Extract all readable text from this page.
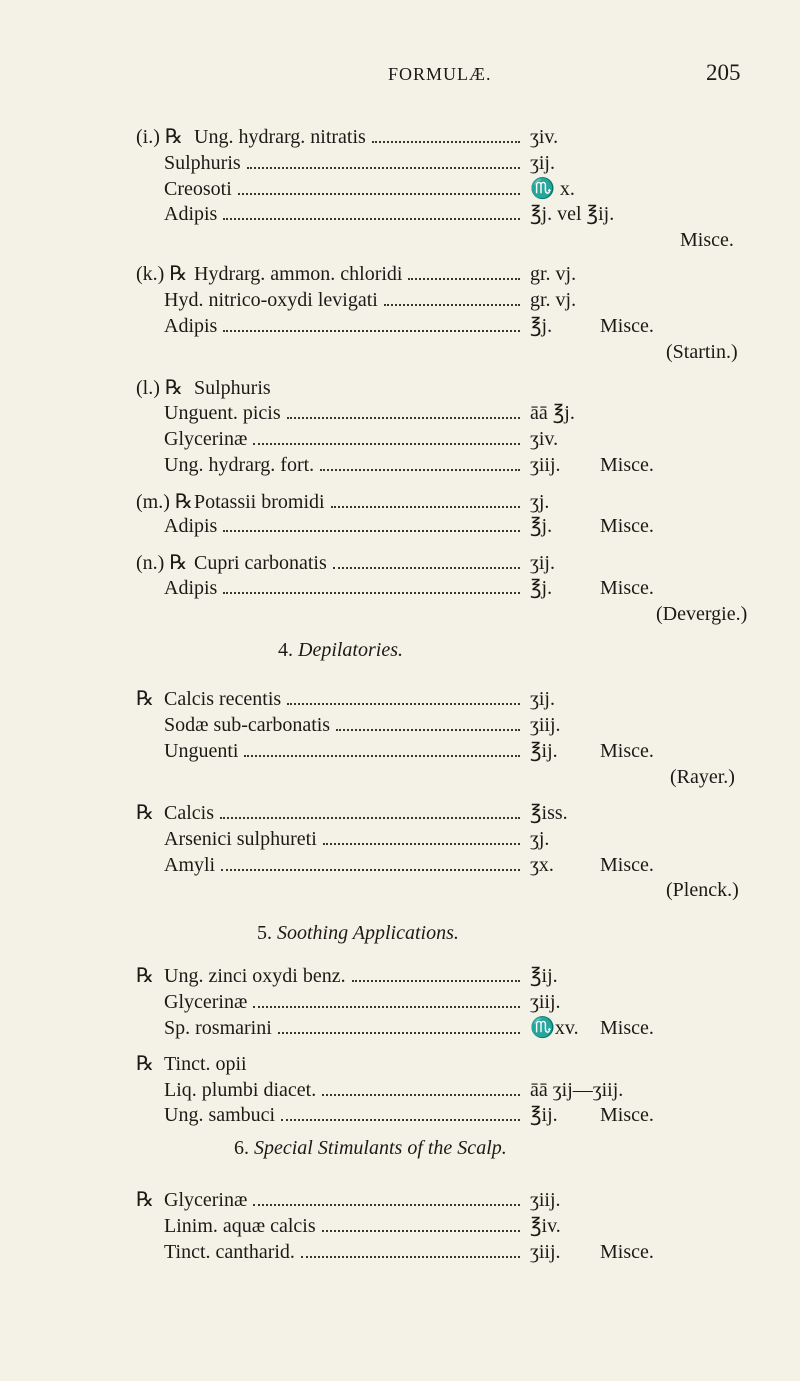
FORMULÆ.	205
4. Depilatories.
5. Soothing Applications.
6. Special Stimulants of the Scalp.
(i.) ℞ Ung. hydrarg. nitratis	ʒiv.
Sulphuris	ʒij.
Creosoti	♏ x.
Adipis	℥j. vel ℥ij.
Misce.
(k.) ℞ Hydrarg. ammon. chloridi	gr. vj.
Hyd. nitrico-oxydi levigati	gr. vj.
Adipis	℥j. Misce.
(Startin.)
(l.) ℞ Sulphuris
Unguent. picis	āā ℥j.
Glycerinæ	ʒiv.
Ung. hydrarg. fort.	ʒiij. Misce.
(m.) ℞ Potassii bromidi	ʒj.
Adipis	℥j. Misce.
(n.) ℞ Cupri carbonatis	ʒij.
Adipis	℥j. Misce.
(Devergie.)
℞ Calcis recentis	ʒij.
Sodæ sub-carbonatis	ʒiij.
Unguenti	℥ij. Misce.
(Rayer.)
℞ Calcis	℥iss.
Arsenici sulphureti	ʒj.
Amyli	ʒx. Misce.
(Plenck.)
℞ Ung. zinci oxydi benz.	℥ij.
Glycerinæ	ʒiij.
Sp. rosmarini	♏xv. Misce.
℞ Tinct. opii
Liq. plumbi diacet.	āā ʒij—ʒiij.
Ung. sambuci	℥ij. Misce.
℞ Glycerinæ	ʒiij.
Linim. aquæ calcis	℥iv.
Tinct. cantharid.	ʒiij. Misce.
